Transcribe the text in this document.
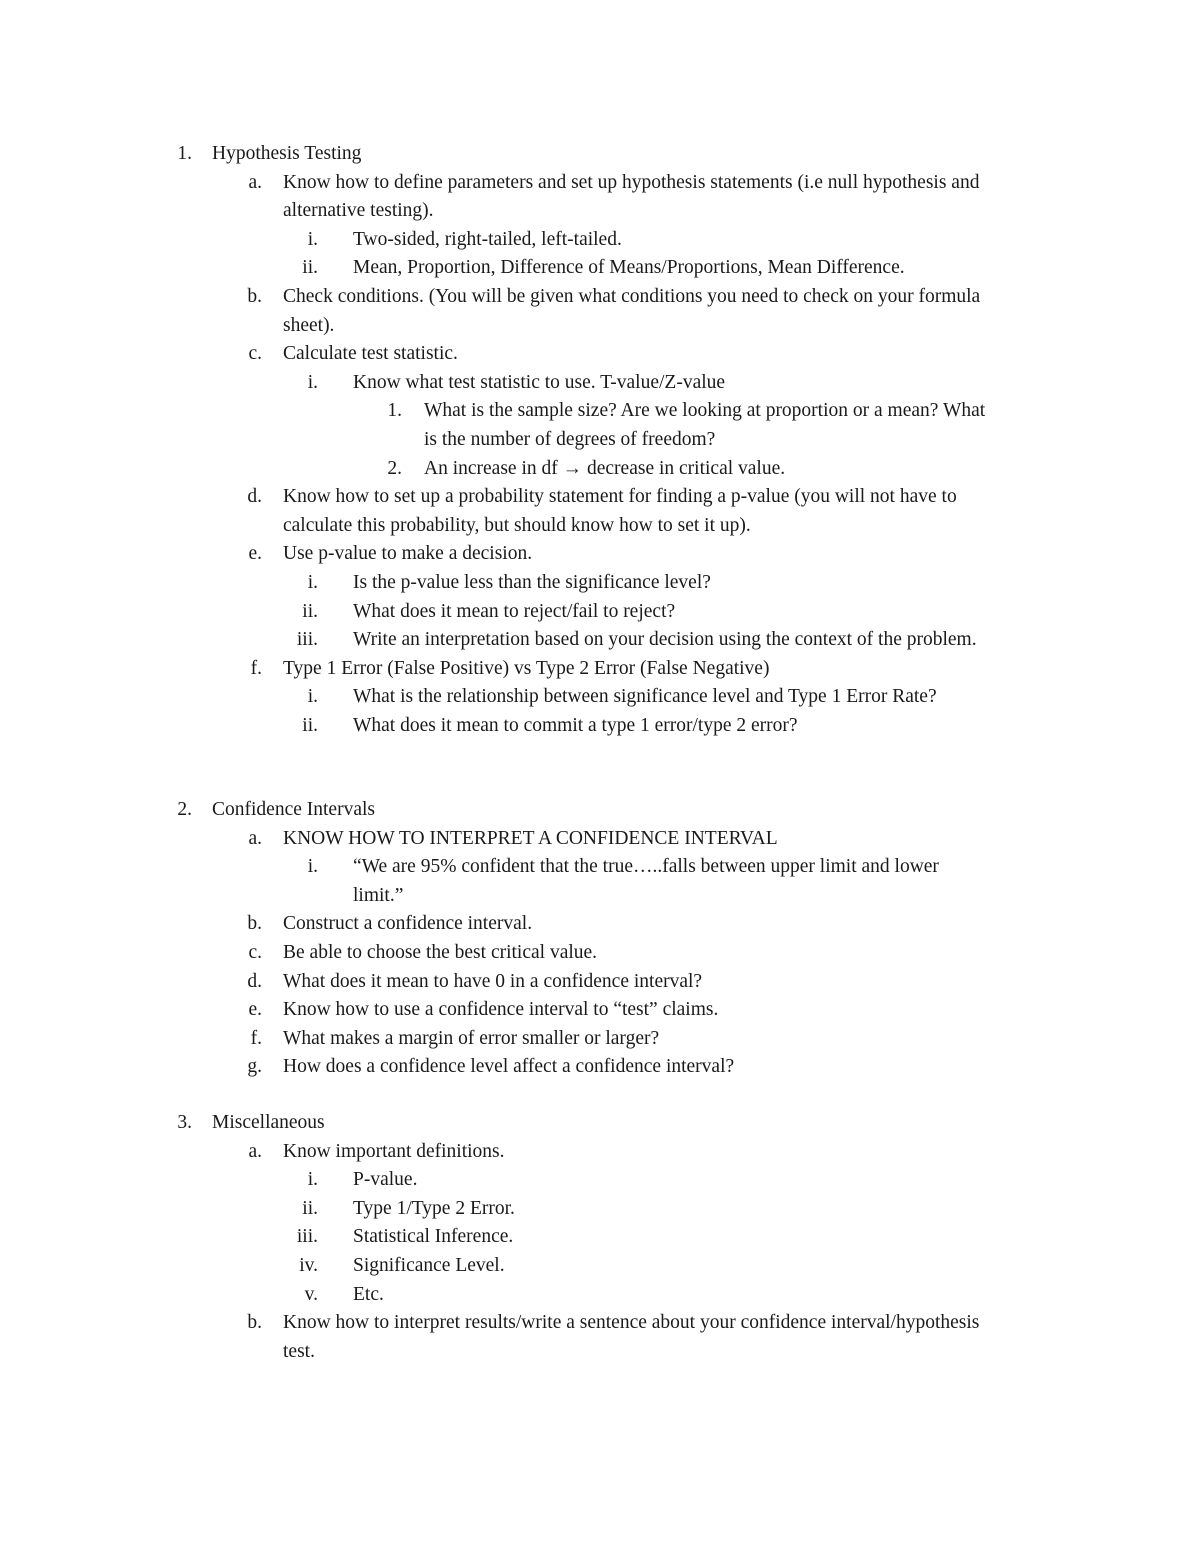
1. Hypothesis Testing
a. Know how to define parameters and set up hypothesis statements (i.e null hypothesis and
alternative testing).
i. Two-sided, right-tailed, left-tailed.
ii. Mean, Proportion, Difference of Means/Proportions, Mean Difference.
b. Check conditions. (You will be given what conditions you need to check on your formula
sheet).
c. Calculate test statistic.
i. Know what test statistic to use. T-value/Z-value
1. What is the sample size? Are we looking at proportion or a mean? What
is the number of degrees of freedom?
2. An increase in df → decrease in critical value.
d. Know how to set up a probability statement for finding a p-value (you will not have to
calculate this probability, but should know how to set it up).
e. Use p-value to make a decision.
i. Is the p-value less than the significance level?
ii. What does it mean to reject/fail to reject?
iii. Write an interpretation based on your decision using the context of the problem.
f. Type 1 Error (False Positive) vs Type 2 Error (False Negative)
i. What is the relationship between significance level and Type 1 Error Rate?
ii. What does it mean to commit a type 1 error/type 2 error?
2. Confidence Intervals
a. KNOW HOW TO INTERPRET A CONFIDENCE INTERVAL
i. “We are 95% confident that the true…..falls between upper limit and lower
limit.”
b. Construct a confidence interval.
c. Be able to choose the best critical value.
d. What does it mean to have 0 in a confidence interval?
e. Know how to use a confidence interval to “test” claims.
f. What makes a margin of error smaller or larger?
g. How does a confidence level affect a confidence interval?
3. Miscellaneous
a. Know important definitions.
i. P-value.
ii. Type 1/Type 2 Error.
iii. Statistical Inference.
iv. Significance Level.
v. Etc.
b. Know how to interpret results/write a sentence about your confidence interval/hypothesis
test.
